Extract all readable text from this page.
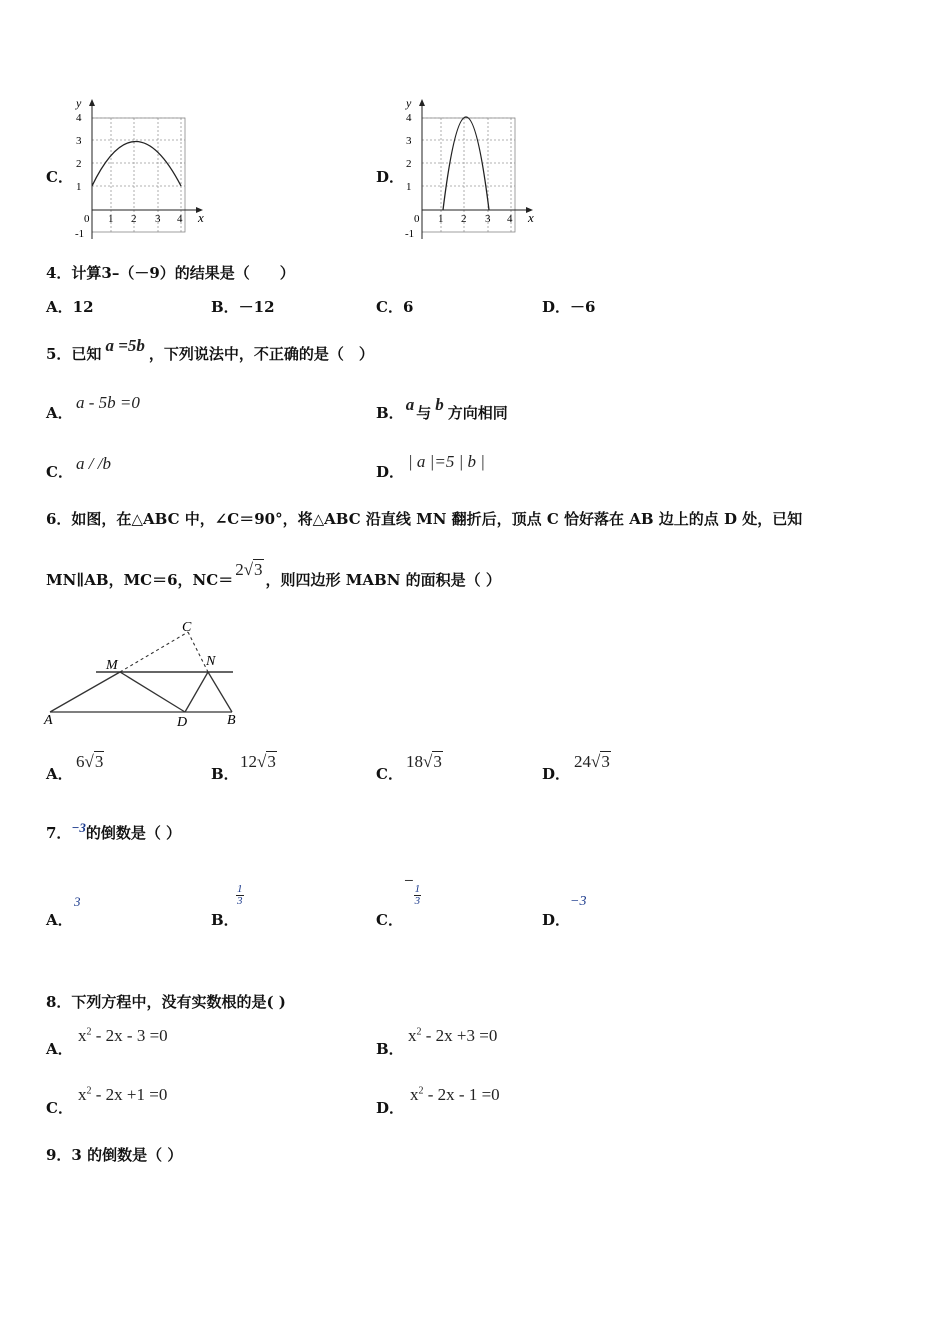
C．
y
x
4
3
2
1
0 1 2 3 4
-1
D．
y
x
4
3
2
1
0 1 2 3 4
-1
4．计算3–（－9）的结果是（　　）
A．12	B．－12	C．6	D．－6
5．已知 a =5b ，下列说法中，不正确的是（　）
A．
a - 5b =0
B． a 与 b 方向相同
C． a / /b	D．
| a |=5 | b |
6．如图，在△ABC 中，∠C＝90°，将△ABC 沿直线 MN 翻折后，顶点 C 恰好落在 AB 边上的点 D 处，已知
MN∥AB，MC＝6，NC＝2√3，则四边形 MABN 的面积是（ ）
C
M	N
A	D	B
A．
6√3
B．
12√3
C．
18√3
D．
24√3
7．−3的倒数是（ ）
A．
3
B．
$\frac{1}{3}$
C．
−
$\frac{1}{3}$
D．
−3
8．下列方程中，没有实数根的是( )
A．
$x^2 - 2x - 3 =0$
B．
$x^2 - 2x +3 =0$
C．
$x^2 - 2x +1 =0$
D．
$x^2 - 2x - 1 =0$
9．3 的倒数是（ ）
